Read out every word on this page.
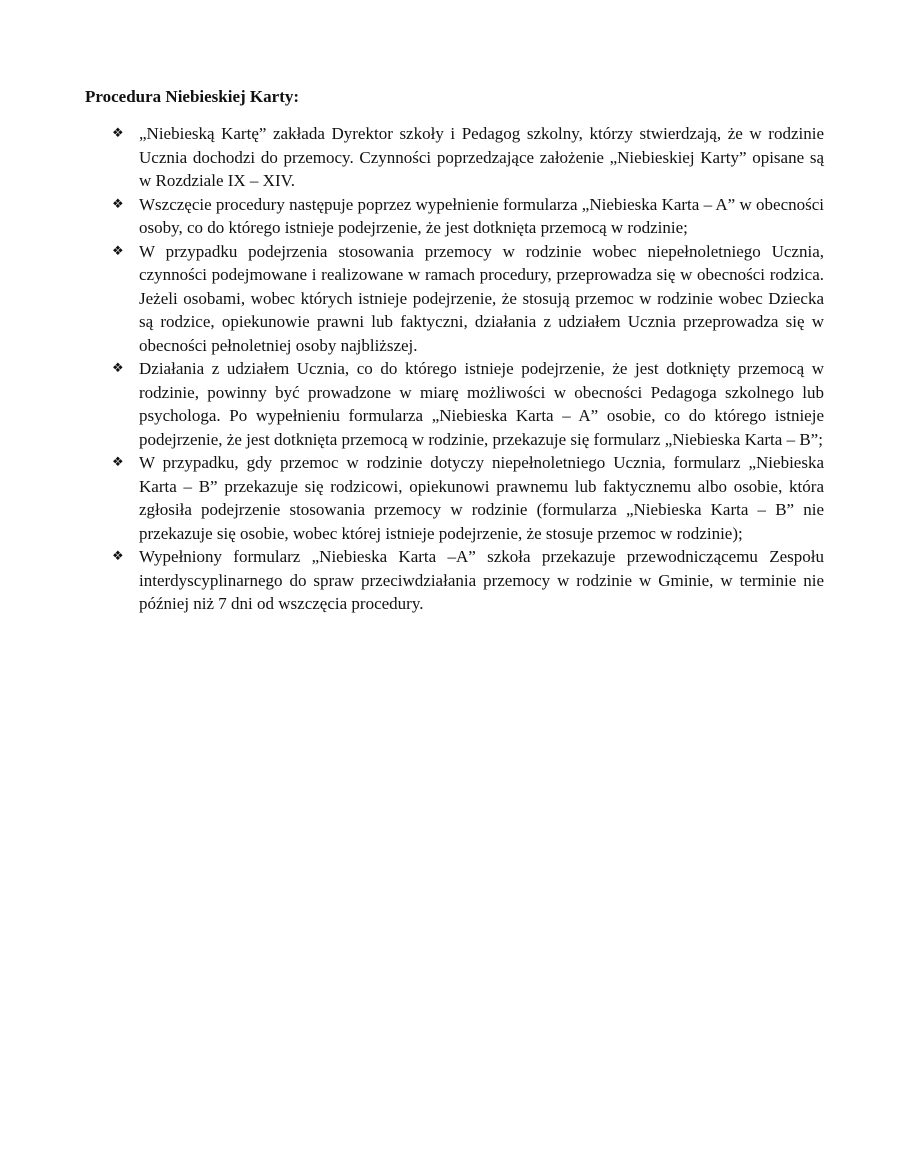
Procedura Niebieskiej Karty:

❖ „Niebieską Kartę” zakłada Dyrektor szkoły i Pedagog szkolny, którzy stwierdzają, że w rodzinie Ucznia dochodzi do przemocy. Czynności poprzedzające założenie „Niebieskiej Karty” opisane są w Rozdziale IX – XIV.
❖ Wszczęcie procedury następuje poprzez wypełnienie formularza „Niebieska Karta – A” w obecności osoby, co do którego istnieje podejrzenie, że jest dotknięta przemocą w rodzinie;
❖ W przypadku podejrzenia stosowania przemocy w rodzinie wobec niepełnoletniego Ucznia, czynności podejmowane i realizowane w ramach procedury, przeprowadza się w obecności rodzica. Jeżeli osobami, wobec których istnieje podejrzenie, że stosują przemoc w rodzinie wobec Dziecka są rodzice, opiekunowie prawni lub faktyczni, działania z udziałem Ucznia przeprowadza się w obecności pełnoletniej osoby najbliższej.
❖ Działania z udziałem Ucznia, co do którego istnieje podejrzenie, że jest dotknięty przemocą w rodzinie, powinny być prowadzone w miarę możliwości w obecności Pedagoga szkolnego lub psychologa. Po wypełnieniu formularza „Niebieska Karta – A” osobie, co do którego istnieje podejrzenie, że jest dotknięta przemocą w rodzinie, przekazuje się formularz „Niebieska Karta – B”;
❖ W przypadku, gdy przemoc w rodzinie dotyczy niepełnoletniego Ucznia, formularz „Niebieska Karta – B” przekazuje się rodzicowi, opiekunowi prawnemu lub faktycznemu albo osobie, która zgłosiła podejrzenie stosowania przemocy w rodzinie (formularza „Niebieska Karta – B” nie przekazuje się osobie, wobec której istnieje podejrzenie, że stosuje przemoc w rodzinie);
❖ Wypełniony formularz „Niebieska Karta –A” szkoła przekazuje przewodniczącemu Zespołu interdyscyplinarnego do spraw przeciwdziałania przemocy w rodzinie w Gminie, w terminie nie później niż 7 dni od wszczęcia procedury.
